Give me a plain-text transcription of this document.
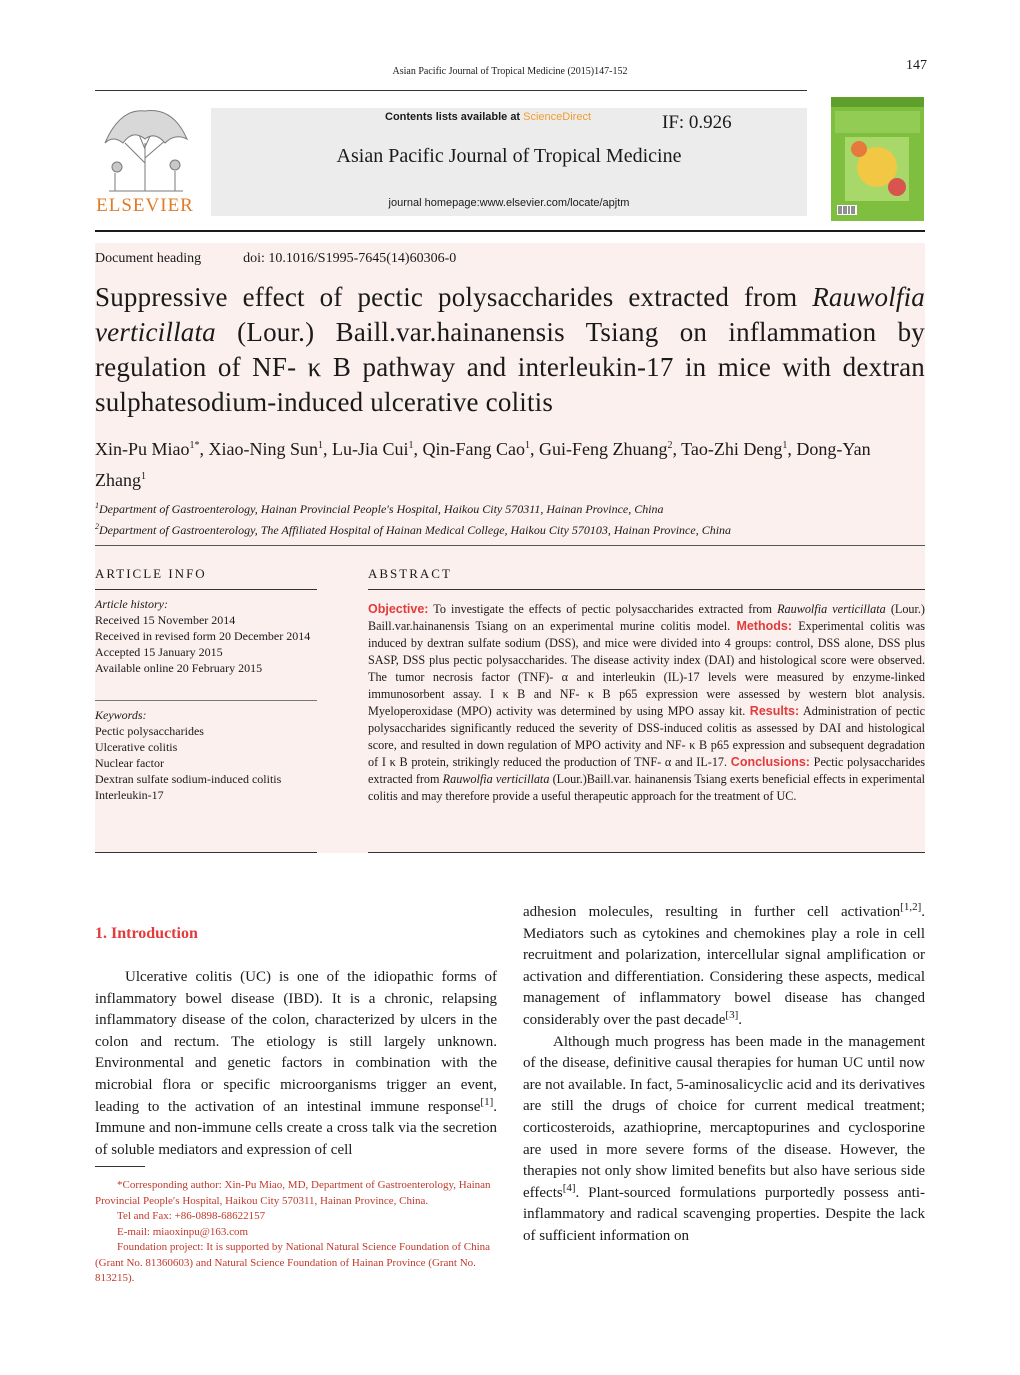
Asian Pacific Journal of Tropical Medicine (2015)147-152	147
ELSEVIER
Contents lists available at ScienceDirect	IF: 0.926
Asian Pacific Journal of Tropical Medicine
journal homepage:www.elsevier.com/locate/apjtm
Document heading	doi: 10.1016/S1995-7645(14)60306-0
Suppressive effect of pectic polysaccharides extracted from Rauwolfia verticillata (Lour.) Baill.var.hainanensis Tsiang on inflammation by regulation of NF- κ B pathway and interleukin-17 in mice with dextran sulphatesodium-induced ulcerative colitis
Xin-Pu Miao$^{1*}$, Xiao-Ning Sun$^1$, Lu-Jia Cui$^1$, Qin-Fang Cao$^1$, Gui-Feng Zhuang$^2$, Tao-Zhi Deng$^1$, Dong-Yan Zhang$^1$
$^1$Department of Gastroenterology, Hainan Provincial People′s Hospital, Haikou City 570311, Hainan Province, China
$^2$Department of Gastroenterology, The Affiliated Hospital of Hainan Medical College, Haikou City 570103, Hainan Province, China
ARTICLE INFO	ABSTRACT
Article history:
Received 15 November 2014
Received in revised form 20 December 2014
Accepted 15 January 2015
Available online 20 February 2015
Keywords:
Pectic polysaccharides
Ulcerative colitis
Nuclear factor
Dextran sulfate sodium-induced colitis
Interleukin-17
Objective: To investigate the effects of pectic polysaccharides extracted from Rauwolfia verticillata (Lour.) Baill.var.hainanensis Tsiang on an experimental murine colitis model. Methods: Experimental colitis was induced by dextran sulfate sodium (DSS), and mice were divided into 4 groups: control, DSS alone, DSS plus SASP, DSS plus pectic polysaccharides. The disease activity index (DAI) and histological score were observed. The tumor necrosis factor (TNF)- α and interleukin (IL)-17 levels were measured by enzyme-linked immunosorbent assay. I κ B and NF- κ B p65 expression were assessed by western blot analysis. Myeloperoxidase (MPO) activity was determined by using MPO assay kit. Results: Administration of pectic polysaccharides significantly reduced the severity of DSS-induced colitis as assessed by DAI and histological score, and resulted in down regulation of MPO activity and NF- κ B p65 expression and subsequent degradation of I κ B protein, strikingly reduced the production of TNF- α and IL-17. Conclusions: Pectic polysaccharides extracted from Rauwolfia verticillata (Lour.)Baill.var. hainanensis Tsiang exerts beneficial effects in experimental colitis and may therefore provide a useful therapeutic approach for the treatment of UC.
1. Introduction

Ulcerative colitis (UC) is one of the idiopathic forms of inflammatory bowel disease (IBD). It is a chronic, relapsing inflammatory disease of the colon, characterized by ulcers in the colon and rectum. The etiology is still largely unknown. Environmental and genetic factors in combination with the microbial flora or specific microorganisms trigger an event, leading to the activation of an intestinal immune response[1]. Immune and non-immune cells create a cross talk via the secretion of soluble mediators and expression of cell

adhesion molecules, resulting in further cell activation[1,2]. Mediators such as cytokines and chemokines play a role in cell recruitment and polarization, intercellular signal amplification or activation and differentiation. Considering these aspects, medical management of inflammatory bowel disease has changed considerably over the past decade[3].

Although much progress has been made in the management of the disease, definitive causal therapies for human UC until now are not available. In fact, 5-aminosalicyclic acid and its derivatives are still the drugs of choice for current medical treatment; corticosteroids, azathioprine, mercaptopurines and cyclosporine are used in more severe forms of the disease. However, the therapies not only show limited benefits but also have serious side effects[4]. Plant-sourced formulations purportedly possess anti-inflammatory and radical scavenging properties. Despite the lack of sufficient information on

*Corresponding author: Xin-Pu Miao, MD, Department of Gastroenterology, Hainan Provincial People′s Hospital, Haikou City 570311, Hainan Province, China.

Tel and Fax: +86-0898-68622157

E-mail: miaoxinpu@163.com

Foundation project: It is supported by National Natural Science Foundation of China (Grant No. 81360603) and Natural Science Foundation of Hainan Province (Grant No. 813215).
